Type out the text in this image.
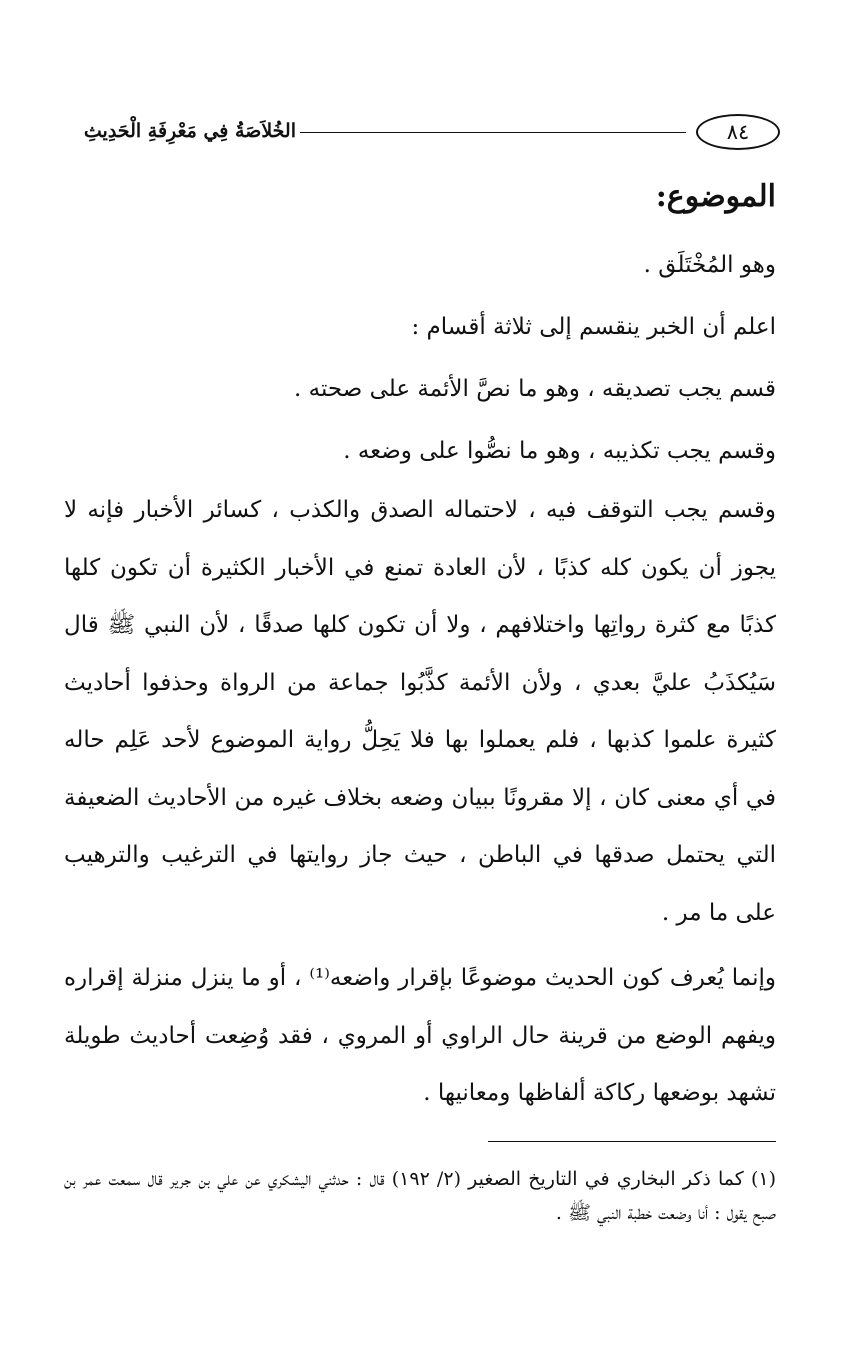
الخُلاَصَةُ فِي مَعْرِفَةِ الْحَدِيثِ	٨٤

الموضوع:

وهو المُخْتَلَق .

اعلم أن الخبر ينقسم إلى ثلاثة أقسام :

قسم يجب تصديقه ، وهو ما نصَّ الأئمة على صحته .

وقسم يجب تكذيبه ، وهو ما نصُّوا على وضعه .

وقسم يجب التوقف فيه ، لاحتماله الصدق والكذب ، كسائر الأخبار فإنه لا يجوز أن يكون كله كذبًا ، لأن العادة تمنع في الأخبار الكثيرة أن تكون كلها كذبًا مع كثرة رواتِها واختلافهم ، ولا أن تكون كلها صدقًا ، لأن النبي ﷺ قال سَيُكذَبُ عليَّ بعدي ، ولأن الأئمة كذَّبُوا جماعة من الرواة وحذفوا أحاديث كثيرة علموا كذبها ، فلم يعملوا بها فلا يَحِلُّ رواية الموضوع لأحد عَلِم حاله في أي معنى كان ، إلا مقرونًا ببيان وضعه بخلاف غيره من الأحاديث الضعيفة التي يحتمل صدقها في الباطن ، حيث جاز روايتها في الترغيب والترهيب على ما مر .

وإنما يُعرف كون الحديث موضوعًا بإقرار واضعه⁽¹⁾ ، أو ما ينزل منزلة إقراره ويفهم الوضع من قرينة حال الراوي أو المروي ، فقد وُضِعت أحاديث طويلة تشهد بوضعها ركاكة ألفاظها ومعانيها .

(١) كما ذكر البخاري في التاريخ الصغير (٢/ ١٩٢) قال : حدثني اليشكري عن علي بن جرير قال سمعت عمر بن صبح يقول : أنا وضعت خطبة النبي ﷺ .
